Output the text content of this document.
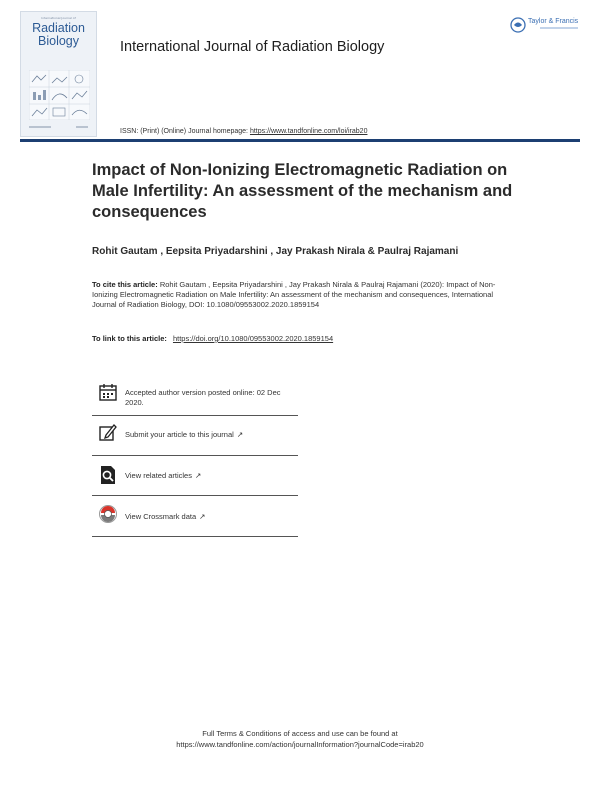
International Journal of
Radiation
Biology	International Journal of Radiation Biology
Taylor & Francis
ISSN: (Print) (Online) Journal homepage: https://www.tandfonline.com/loi/irab20
Impact of Non-Ionizing Electromagnetic Radiation on Male Infertility: An assessment of the mechanism and consequences
Rohit Gautam , Eepsita Priyadarshini , Jay Prakash Nirala & Paulraj Rajamani
To cite this article: Rohit Gautam , Eepsita Priyadarshini , Jay Prakash Nirala & Paulraj Rajamani (2020): Impact of Non-Ionizing Electromagnetic Radiation on Male Infertility: An assessment of the mechanism and consequences, International Journal of Radiation Biology, DOI: 10.1080/09553002.2020.1859154
To link to this article: https://doi.org/10.1080/09553002.2020.1859154
Accepted author version posted online: 02 Dec 2020.
Submit your article to this journal ↗
View related articles ↗
View Crossmark data ↗
Full Terms & Conditions of access and use can be found at
https://www.tandfonline.com/action/journalInformation?journalCode=irab20
